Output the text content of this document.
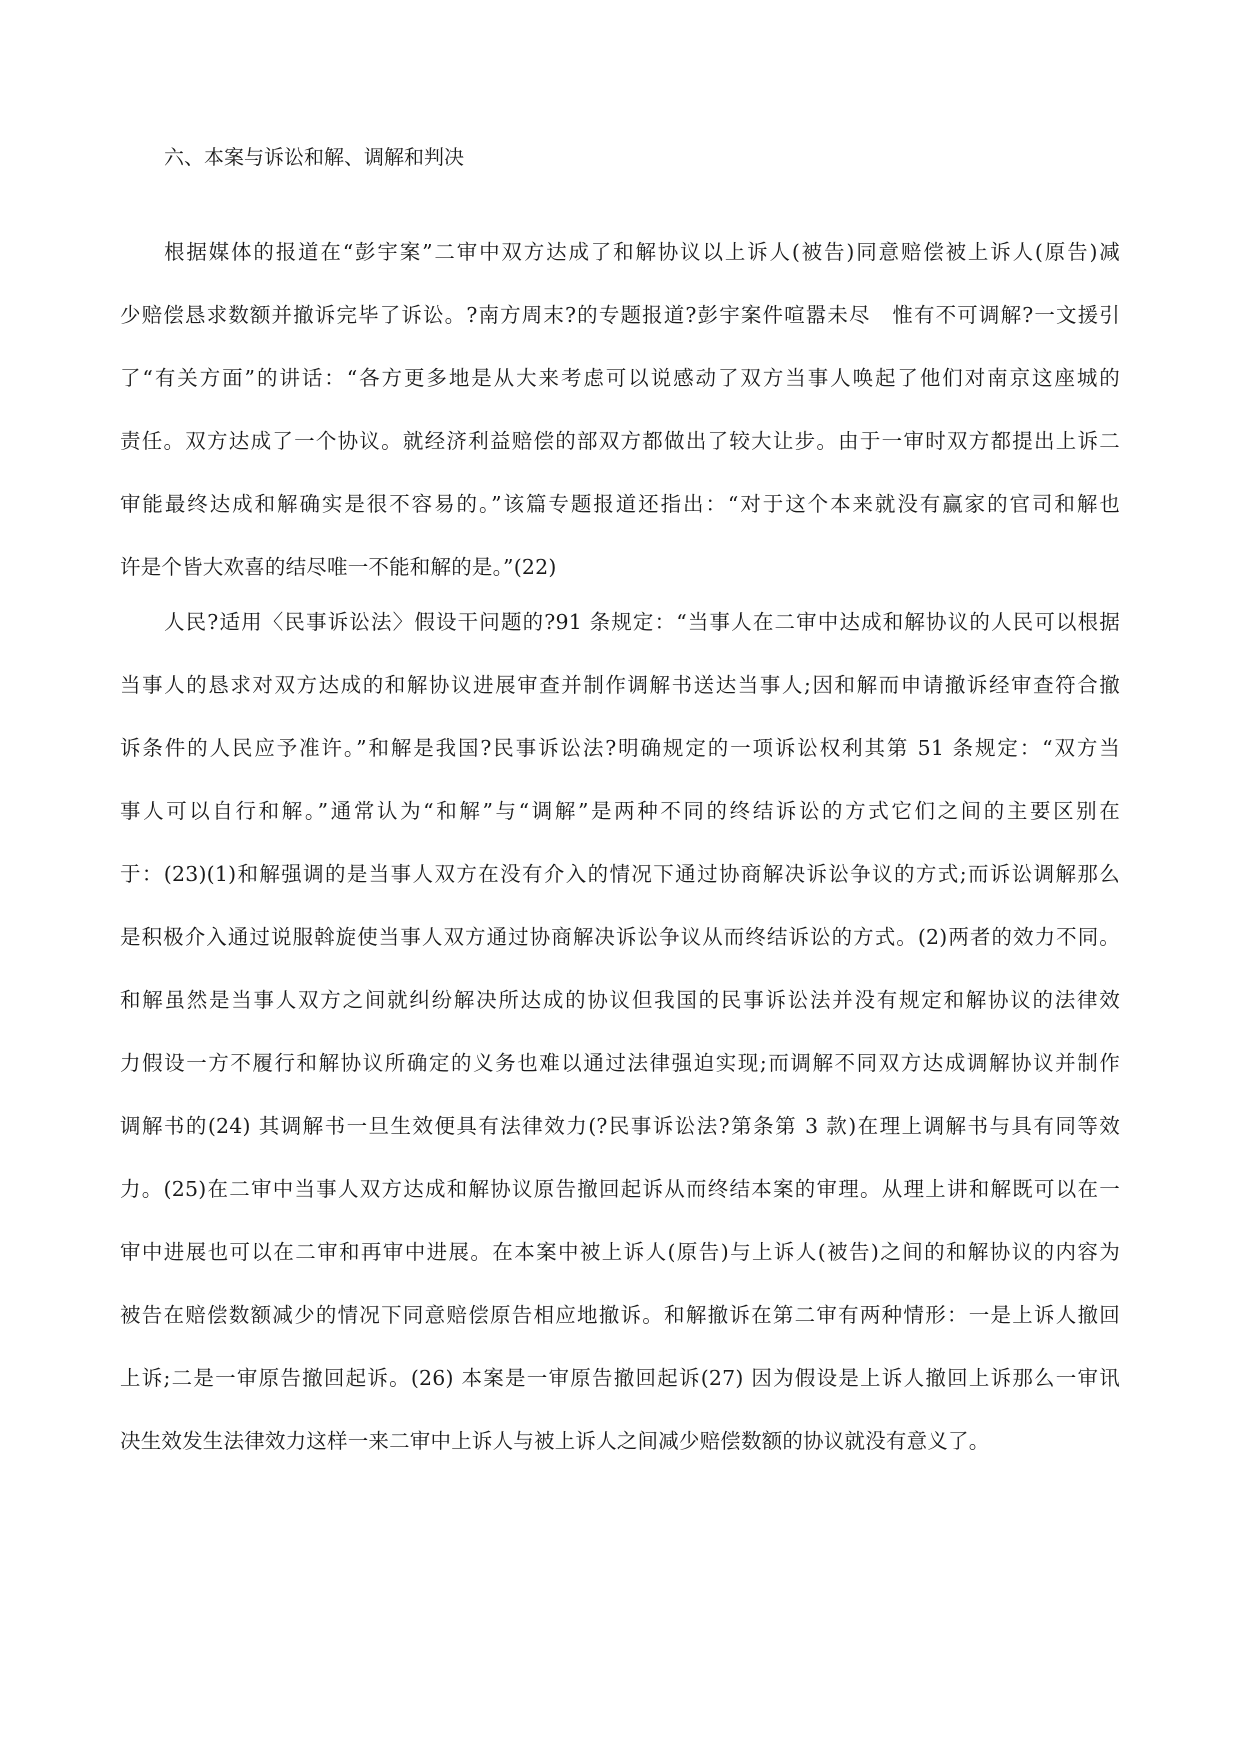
六、本案与诉讼和解、调解和判决
根据媒体的报道在“彭宇案”二审中双方达成了和解协议以上诉人(被告)同意赔偿被上诉人(原告)减
少赔偿恳求数额并撤诉完毕了诉讼。?南方周末?的专题报道?彭宇案件喧嚣未尽　惟有不可调解?一文援引
了“有关方面”的讲话：“各方更多地是从大来考虑可以说感动了双方当事人唤起了他们对南京这座城的
责任。双方达成了一个协议。就经济利益赔偿的部双方都做出了较大让步。由于一审时双方都提出上诉二
审能最终达成和解确实是很不容易的。”该篇专题报道还指出：“对于这个本来就没有赢家的官司和解也
许是个皆大欢喜的结尽唯一不能和解的是。”(22)
人民?适用〈民事诉讼法〉假设干问题的?91 条规定：“当事人在二审中达成和解协议的人民可以根据
当事人的恳求对双方达成的和解协议进展审查并制作调解书送达当事人;因和解而申请撤诉经审查符合撤
诉条件的人民应予准许。”和解是我国?民事诉讼法?明确规定的一项诉讼权利其第 51 条规定：“双方当
事人可以自行和解。”通常认为“和解”与“调解”是两种不同的终结诉讼的方式它们之间的主要区别在
于：(23)(1)和解强调的是当事人双方在没有介入的情况下通过协商解决诉讼争议的方式;而诉讼调解那么
是积极介入通过说服斡旋使当事人双方通过协商解决诉讼争议从而终结诉讼的方式。(2)两者的效力不同。
和解虽然是当事人双方之间就纠纷解决所达成的协议但我国的民事诉讼法并没有规定和解协议的法律效
力假设一方不履行和解协议所确定的义务也难以通过法律强迫实现;而调解不同双方达成调解协议并制作
调解书的(24) 其调解书一旦生效便具有法律效力(?民事诉讼法?第条第 3 款)在理上调解书与具有同等效
力。(25)在二审中当事人双方达成和解协议原告撤回起诉从而终结本案的审理。从理上讲和解既可以在一
审中进展也可以在二审和再审中进展。在本案中被上诉人(原告)与上诉人(被告)之间的和解协议的内容为
被告在赔偿数额减少的情况下同意赔偿原告相应地撤诉。和解撤诉在第二审有两种情形：一是上诉人撤回
上诉;二是一审原告撤回起诉。(26) 本案是一审原告撤回起诉(27) 因为假设是上诉人撤回上诉那么一审讯
决生效发生法律效力这样一来二审中上诉人与被上诉人之间减少赔偿数额的协议就没有意义了。
